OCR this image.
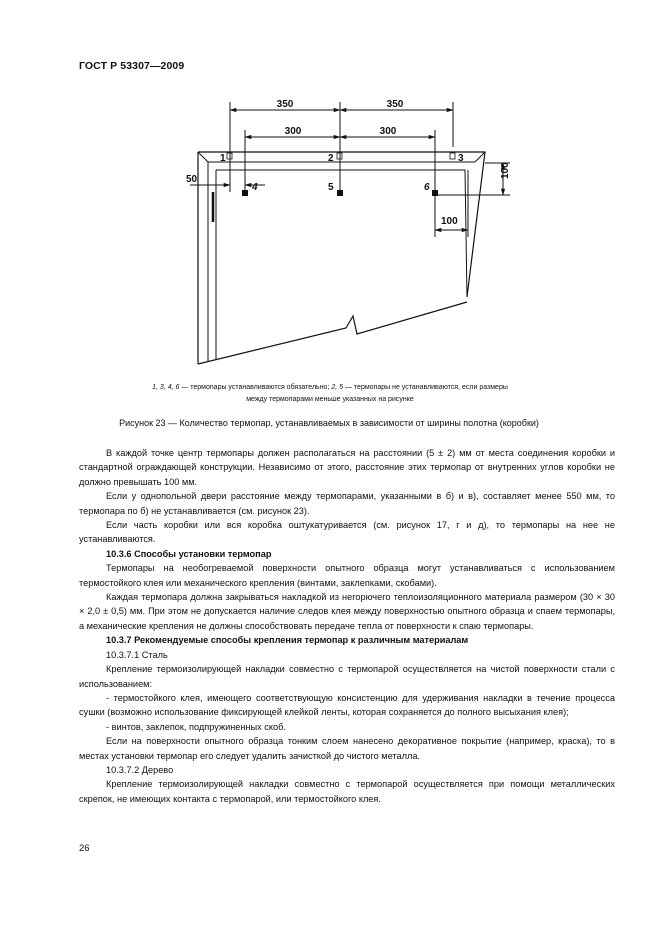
ГОСТ Р 53307—2009
350	350
300	300
50
100
100
1	2	3
4	5	6
1, 3, 4, 6 — термопары устанавливаются обязательно; 2, 5 — термопары не устанавливаются, если размеры
между термопарами меньше указанных на рисунке
Рисунок 23 — Количество термопар, устанавливаемых в зависимости от ширины полотна (коробки)

В каждой точке центр термопары должен располагаться на расстоянии (5 ± 2) мм от места соединения коробки и стандартной ограждающей конструкции. Независимо от этого, расстояние этих термопар от внутренних углов коробки не должно превышать 100 мм.

Если у однопольной двери расстояние между термопарами, указанными в б) и в), составляет менее 550 мм, то термопара по б) не устанавливается (см. рисунок 23).

Если часть коробки или вся коробка оштукатуривается (см. рисунок 17, г и д), то термопары на нее не устанавливаются.

10.3.6 Способы установки термопар

Термопары на необогреваемой поверхности опытного образца могут устанавливаться с использованием термостойкого клея или механического крепления (винтами, заклепками, скобами).

Каждая термопара должна закрываться накладкой из негорючего теплоизоляционного материала размером (30 × 30 × 2,0 ± 0,5) мм. При этом не допускается наличие следов клея между поверхностью опытного образца и спаем термопары, а механические крепления не должны способствовать передаче тепла от поверхности к спаю термопары.

10.3.7 Рекомендуемые способы крепления термопар к различным материалам

10.3.7.1 Сталь

Крепление термоизолирующей накладки совместно с термопарой осуществляется на чистой поверхности стали с использованием:

- термостойкого клея, имеющего соответствующую консистенцию для удерживания накладки в течение процесса сушки (возможно использование фиксирующей клейкой ленты, которая сохраняется до полного высыхания клея);

- винтов, заклепок, подпружиненных скоб.

Если на поверхности опытного образца тонким слоем нанесено декоративное покрытие (например, краска), то в местах установки термопар его следует удалить зачисткой до чистого металла.

10.3.7.2 Дерево

Крепление термоизолирующей накладки совместно с термопарой осуществляется при помощи металлических скрепок, не имеющих контакта с термопарой, или термостойкого клея.

26
